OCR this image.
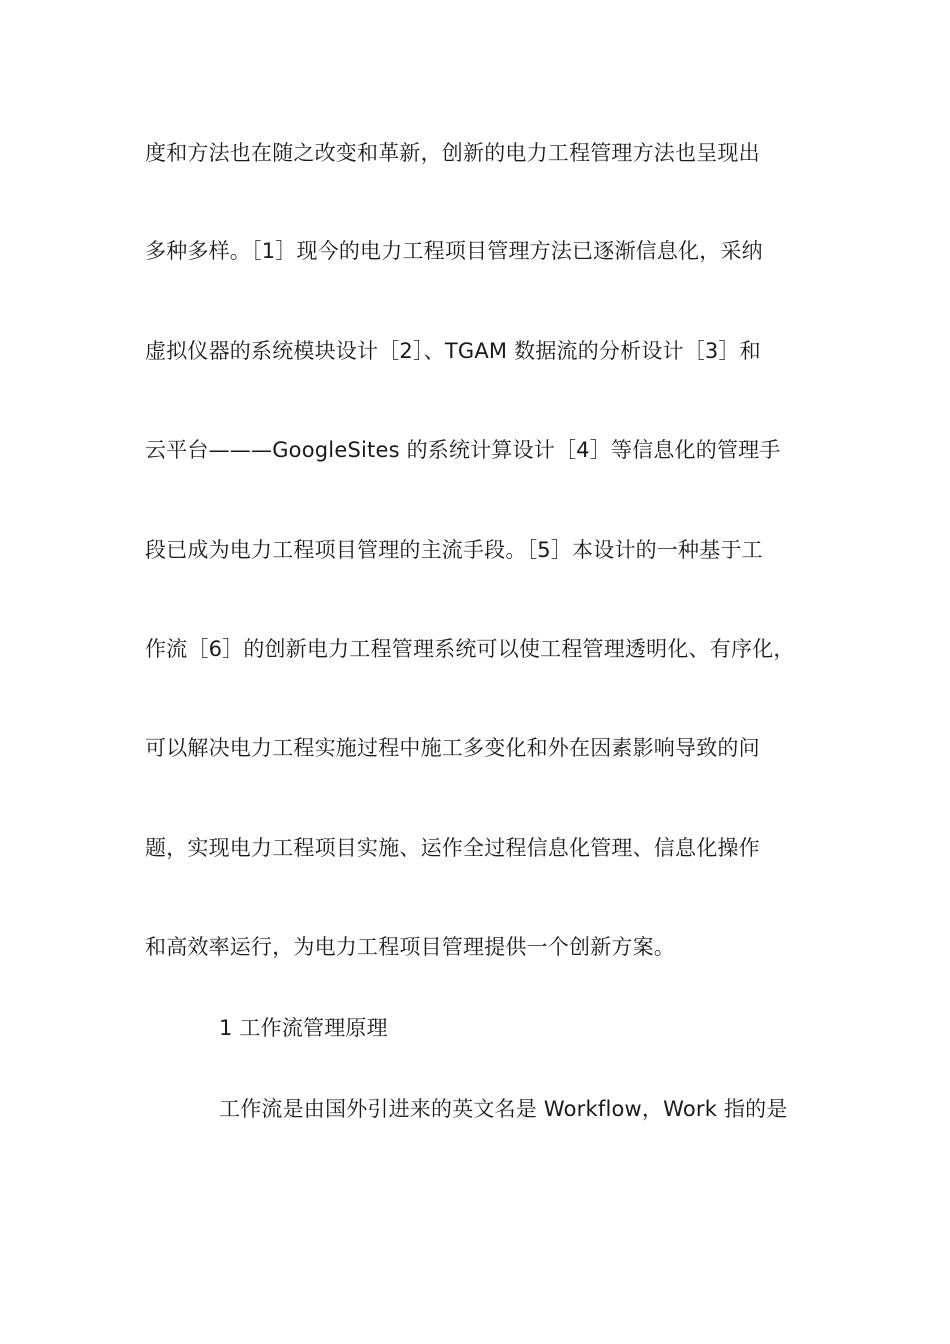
度和方法也在随之改变和革新，创新的电力工程管理方法也呈现出
多种多样。［1］现今的电力工程项目管理方法已逐渐信息化，采纳
虚拟仪器的系统模块设计［2］、TGAM 数据流的分析设计［3］和
云平台———GoogleSites 的系统计算设计［4］等信息化的管理手
段已成为电力工程项目管理的主流手段。［5］本设计的一种基于工
作流［6］的创新电力工程管理系统可以使工程管理透明化、有序化，
可以解决电力工程实施过程中施工多变化和外在因素影响导致的问
题，实现电力工程项目实施、运作全过程信息化管理、信息化操作
和高效率运行，为电力工程项目管理提供一个创新方案。
1 工作流管理原理
工作流是由国外引进来的英文名是 Workflow，Work 指的是
